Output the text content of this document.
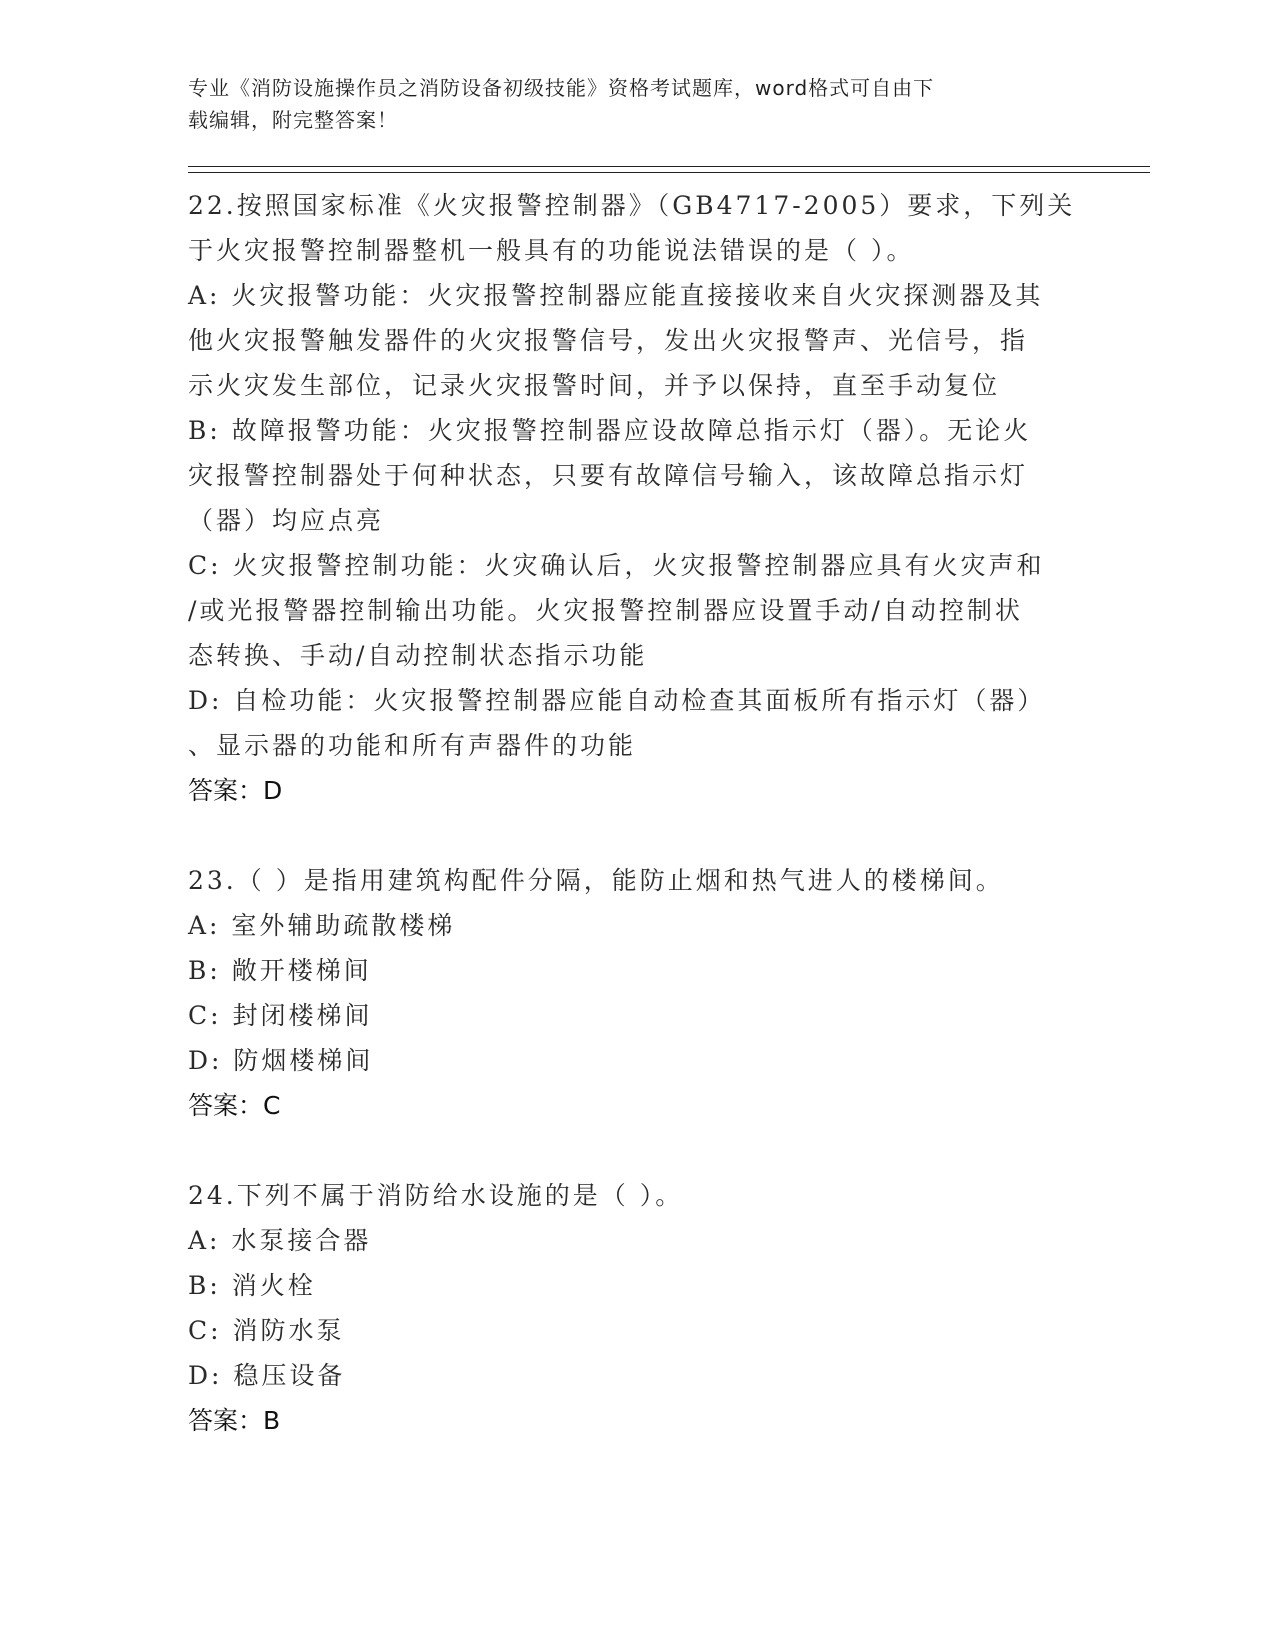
专业《消防设施操作员之消防设备初级技能》资格考试题库，word格式可自由下
载编辑，附完整答案！
22.按照国家标准《火灾报警控制器》（GB4717-2005）要求，下列关
于火灾报警控制器整机一般具有的功能说法错误的是（ ）。
A: 火灾报警功能：火灾报警控制器应能直接接收来自火灾探测器及其
他火灾报警触发器件的火灾报警信号，发出火灾报警声、光信号，指
示火灾发生部位，记录火灾报警时间，并予以保持，直至手动复位
B: 故障报警功能：火灾报警控制器应设故障总指示灯（器）。无论火
灾报警控制器处于何种状态，只要有故障信号输入，该故障总指示灯
（器）均应点亮
C: 火灾报警控制功能：火灾确认后，火灾报警控制器应具有火灾声和
/或光报警器控制输出功能。火灾报警控制器应设置手动/自动控制状
态转换、手动/自动控制状态指示功能
D: 自检功能：火灾报警控制器应能自动检查其面板所有指示灯（器）
、显示器的功能和所有声器件的功能
答案：D
23.（ ）是指用建筑构配件分隔，能防止烟和热气进人的楼梯间。
A: 室外辅助疏散楼梯
B: 敞开楼梯间
C: 封闭楼梯间
D: 防烟楼梯间
答案：C
24.下列不属于消防给水设施的是（ ）。
A: 水泵接合器
B: 消火栓
C: 消防水泵
D: 稳压设备
答案：B
